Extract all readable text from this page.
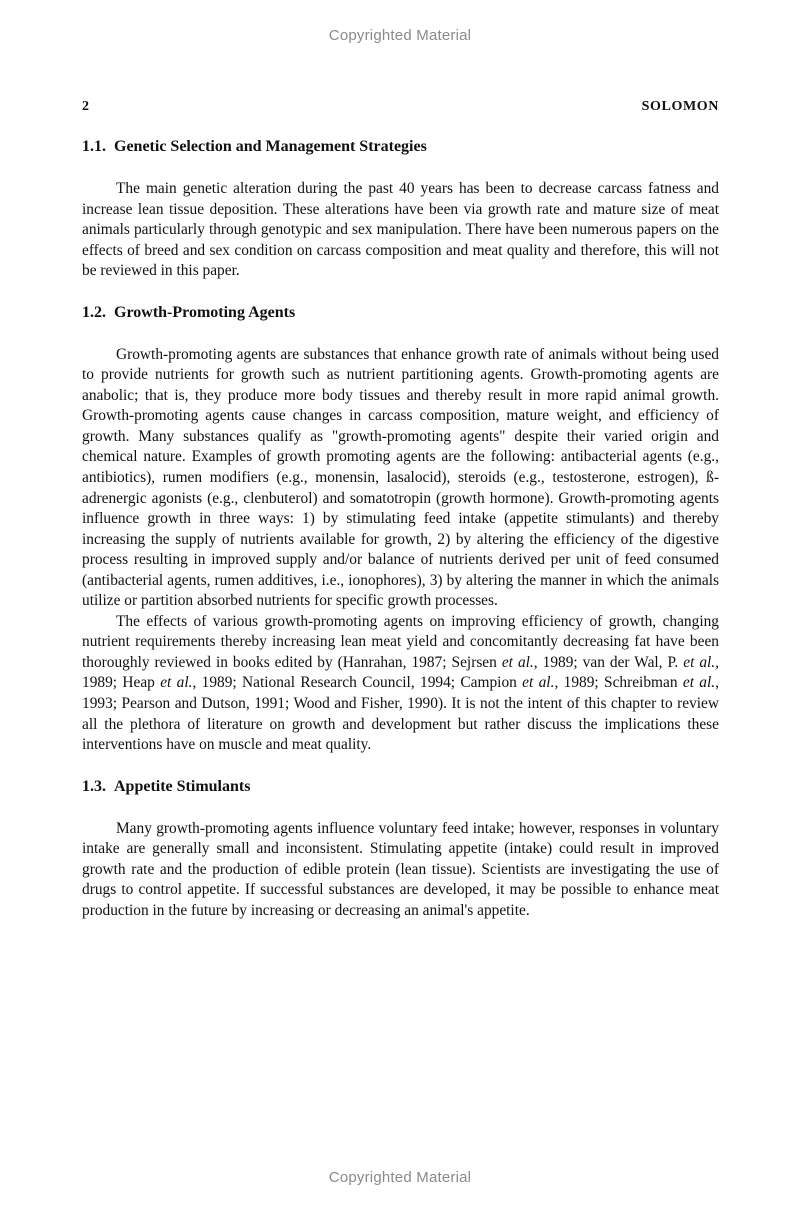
Copyrighted Material
2	SOLOMON
1.1. Genetic Selection and Management Strategies

The main genetic alteration during the past 40 years has been to decrease carcass fatness and increase lean tissue deposition. These alterations have been via growth rate and mature size of meat animals particularly through genotypic and sex manipulation. There have been numerous papers on the effects of breed and sex condition on carcass composition and meat quality and therefore, this will not be reviewed in this paper.

1.2. Growth-Promoting Agents

Growth-promoting agents are substances that enhance growth rate of animals without being used to provide nutrients for growth such as nutrient partitioning agents. Growth-promoting agents are anabolic; that is, they produce more body tissues and thereby result in more rapid animal growth. Growth-promoting agents cause changes in carcass composition, mature weight, and efficiency of growth. Many substances qualify as "growth-promoting agents" despite their varied origin and chemical nature. Examples of growth promoting agents are the following: antibacterial agents (e.g., antibiotics), rumen modifiers (e.g., monensin, lasalocid), steroids (e.g., testosterone, estrogen), ß-adrenergic agonists (e.g., clenbuterol) and somatotropin (growth hormone). Growth-promoting agents influence growth in three ways: 1) by stimulating feed intake (appetite stimulants) and thereby increasing the supply of nutrients available for growth, 2) by altering the efficiency of the digestive process resulting in improved supply and/or balance of nutrients derived per unit of feed consumed (antibacterial agents, rumen additives, i.e., ionophores), 3) by altering the manner in which the animals utilize or partition absorbed nutrients for specific growth processes.

The effects of various growth-promoting agents on improving efficiency of growth, changing nutrient requirements thereby increasing lean meat yield and concomitantly decreasing fat have been thoroughly reviewed in books edited by (Hanrahan, 1987; Sejrsen et al., 1989; van der Wal, P. et al., 1989; Heap et al., 1989; National Research Council, 1994; Campion et al., 1989; Schreibman et al., 1993; Pearson and Dutson, 1991; Wood and Fisher, 1990). It is not the intent of this chapter to review all the plethora of literature on growth and development but rather discuss the implications these interventions have on muscle and meat quality.

1.3. Appetite Stimulants

Many growth-promoting agents influence voluntary feed intake; however, responses in voluntary intake are generally small and inconsistent. Stimulating appetite (intake) could result in improved growth rate and the production of edible protein (lean tissue). Scientists are investigating the use of drugs to control appetite. If successful substances are developed, it may be possible to enhance meat production in the future by increasing or decreasing an animal's appetite.

Copyrighted Material
